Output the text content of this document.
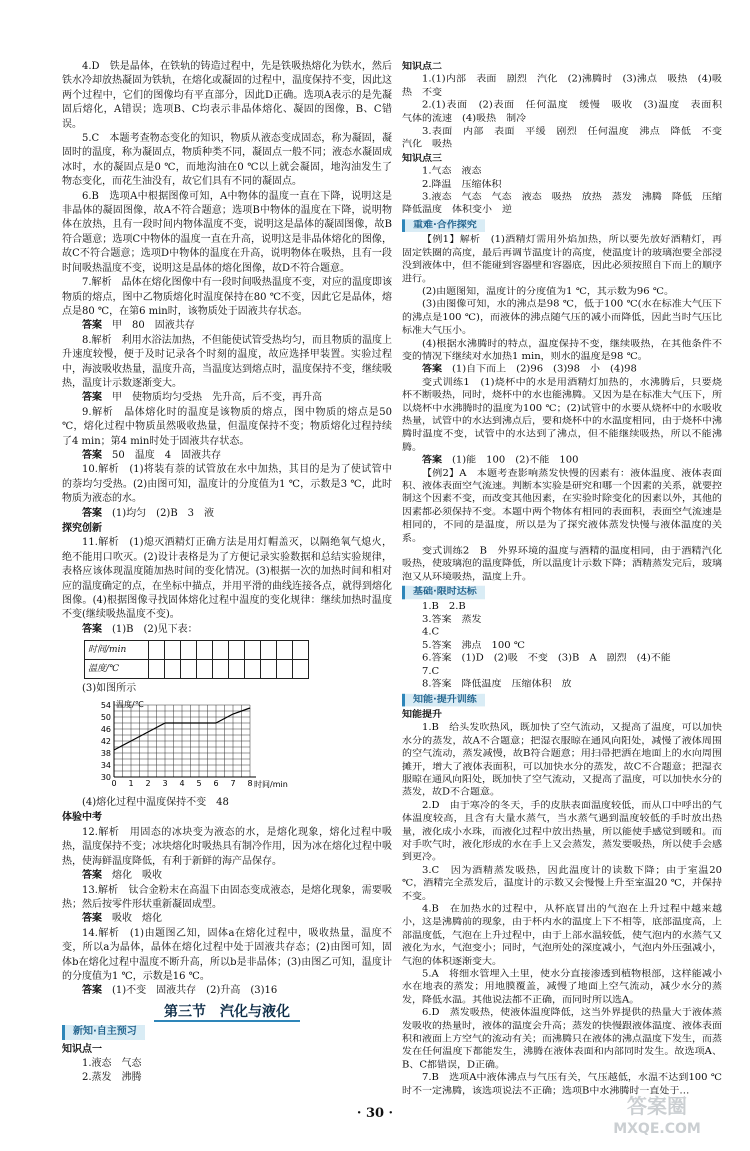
4.D　铁是晶体，在铁轨的铸造过程中，先是铁吸热熔化为铁水，然后铁水冷却放热凝固为铁轨，在熔化或凝固的过程中，温度保持不变，因此这两个过程中，它们的图像均有平直部分，因此D正确。选项A表示的是先凝固后熔化，A错误；选项B、C均表示非晶体熔化、凝固的图像，B、C错误。

5.C　本题考查物态变化的知识，物质从液态变成固态，称为凝固，凝固时的温度，称为凝固点，物质种类不同，凝固点一般不同；液态水凝固成冰时，水的凝固点是0 ℃，而地沟油在0 ℃以上就会凝固，地沟油发生了物态变化，而花生油没有，故它们具有不同的凝固点。

6.B　选项A中根据图像可知，A中物体的温度一直在下降，说明这是非晶体的凝固图像，故A不符合题意；选项B中物体的温度在下降，说明物体在放热，且有一段时间内物体温度不变，说明这是晶体的凝固图像，故B符合题意；选项C中物体的温度一直在升高，说明这是非晶体熔化的图像，故C不符合题意；选项D中物体的温度在升高，说明物体在吸热，且有一段时间吸热温度不变，说明这是晶体的熔化图像，故D不符合题意。

7.解析　晶体在熔化图像中有一段时间吸热温度不变，对应的温度即该物质的熔点，图中乙物质熔化时温度保持在80 ℃不变，因此它是晶体，熔点是80 ℃，在第6 min时，该物质处于固液共存状态。

答案　甲　80　固液共存

8.解析　利用水浴法加热，不但能使试管受热均匀，而且物质的温度上升速度较慢，便于及时记录各个时刻的温度，故应选择甲装置。实验过程中，海波吸收热量，温度升高，当温度达到熔点时，温度保持不变，继续吸热，温度计示数逐渐变大。

答案　甲　使物质均匀受热　先升高，后不变，再升高

9.解析　晶体熔化时的温度是该物质的熔点，图中物质的熔点是50 ℃，熔化过程中物质虽然吸收热量，但温度保持不变；物质熔化过程持续了4 min；第4 min时处于固液共存状态。

答案　50　温度　4　固液共存

10.解析　(1)将装有萘的试管放在水中加热，其目的是为了使试管中的萘均匀受热。(2)由图可知，温度计的分度值为1 ℃，示数是3 ℃，此时物质为液态的水。

答案　(1)均匀　(2)B　3　液

探究创新

11.解析　(1)熄灭酒精灯正确方法是用灯帽盖灭，以隔绝氧气熄火，绝不能用口吹灭。(2)设计表格是为了方便记录实验数据和总结实验规律，表格应该体现温度随加热时间的变化情况。(3)根据一次的加热时间和相对应的温度确定的点，在坐标中描点，并用平滑的曲线连接各点，就得到熔化图像。(4)根据图像寻找固体熔化过程中温度的变化规律：继续加热时温度不变(继续吸热温度不变)。

答案　(1)B　(2)见下表：

时间/min										
温度/℃										

(3)如图所示

30
34
38
42
46
50
54
0 1 2 3 4 5 6 7 8
温度/℃
时间/min

(4)熔化过程中温度保持不变　48

体验中考

12.解析　用固态的冰块变为液态的水，是熔化现象，熔化过程中吸热，温度保持不变；冰块熔化时吸热具有制冷作用，因为冰在熔化过程中吸热，使海鲜温度降低，有利于新鲜的海产品保存。

答案　熔化　吸收

13.解析　钛合金粉末在高温下由固态变成液态，是熔化现象，需要吸热；然后按零件形状重新凝固成型。

答案　吸收　熔化

14.解析　(1)由题图乙知，固体a在熔化过程中，吸收热量，温度不变，所以a为晶体，晶体在熔化过程中处于固液共存态；(2)由图可知，固体b在熔化过程中温度不断升高，所以b是非晶体；(3)由图乙可知，温度计的分度值为1 ℃，示数是16 ℃。

答案　(1)不变　固液共存　(2)升高　(3)16

第三节　汽化与液化
新知·自主预习
知识点一

1.液态　气态

2.蒸发　沸腾

知识点二

1.(1)内部　表面　剧烈　汽化　(2)沸腾时　(3)沸点　吸热　(4)吸热　不变

2.(1)表面　(2)表面　任何温度　缓慢　吸收　(3)温度　表面积　气体的流速　(4)吸热　制冷

3.表面　内部　表面　平缓　剧烈　任何温度　沸点　降低　不变　汽化　吸热

知识点三

1.气态　液态

2.降温　压缩体积

3.液态　气态　气态　液态　吸热　放热　蒸发　沸腾　降低　压缩　降低温度　体积变小　逆

重难·合作探究

【例1】解析　(1)酒精灯需用外焰加热，所以要先放好酒精灯，再固定铁圈的高度，最后再调节温度计的高度，使温度计的玻璃泡要全部浸没到液体中，但不能碰到容器壁和容器底，因此必须按照自下而上的顺序进行。

(2)由题图知，温度计的分度值为1 ℃，其示数为96 ℃。

(3)由图像可知，水的沸点是98 ℃，低于100 ℃(水在标准大气压下的沸点是100 ℃)，而液体的沸点随气压的减小而降低，因此当时气压比标准大气压小。

(4)根据水沸腾时的特点，温度保持不变，继续吸热，在其他条件不变的情况下继续对水加热1 min，则水的温度是98 ℃。

答案　(1)自下而上　(2)96　(3)98　小　(4)98

变式训练1　(1)烧杯中的水是用酒精灯加热的，水沸腾后，只要烧杯不断吸热，同时，烧杯中的水也能沸腾。又因为是在标准大气压下，所以烧杯中水沸腾时的温度为100 ℃；(2)试管中的水要从烧杯中的水吸收热量，试管中的水达到沸点后，要和烧杯中的水温度相同，由于烧杯中沸腾时温度不变，试管中的水达到了沸点，但不能继续吸热，所以不能沸腾。

答案　(1)能　100　(2)不能　100

【例2】A　本题考查影响蒸发快慢的因素有：液体温度、液体表面积、液体表面空气流速。判断本实验是研究和哪一个因素的关系，就要控制这个因素不变，而改变其他因素，在实验时除变化的因素以外，其他的因素都必须保持不变。本题中两个物体有相同的表面积，表面空气流速是相同的，不同的是温度，所以是为了探究液体蒸发快慢与液体温度的关系。

变式训练2　B　外界环境的温度与酒精的温度相同，由于酒精汽化吸热，使玻璃泡的温度降低，所以温度计示数下降；酒精蒸发完后，玻璃泡又从环境吸热，温度上升。

基础·限时达标

1.B　2.B

3.答案　蒸发

4.C

5.答案　沸点　100 ℃

6.答案　(1)D　(2)吸　不变　(3)B　A　剧烈　(4)不能

7.C

8.答案　降低温度　压缩体积　放

知能·提升训练
知能提升

1.B　给头发吹热风，既加快了空气流动，又提高了温度，可以加快水分的蒸发，故A不合题意；把湿衣服晾在通风向阳处，减慢了液体周围的空气流动，蒸发减慢，故B符合题意；用扫帚把洒在地面上的水向周围摊开，增大了液体表面积，可以加快水分的蒸发，故C不合题意；把湿衣服晾在通风向阳处，既加快了空气流动，又提高了温度，可以加快水分的蒸发，故D不合题意。

2.D　由于寒冷的冬天，手的皮肤表面温度较低，而从口中呼出的气体温度较高，且含有大量水蒸气，当水蒸气遇到温度较低的手时放出热量，液化成小水珠，而液化过程中放出热量，所以能使手感觉到暖和。而对手吹气时，液化形成的水在手上又会蒸发，蒸发要吸热，所以使手会感到更冷。

3.C　因为酒精蒸发吸热，因此温度计的读数下降；由于室温20 ℃，酒精完全蒸发后，温度计的示数又会慢慢上升至室温20 ℃，并保持不变。

4.B　在加热水的过程中，从杯底冒出的气泡在上升过程中越来越小，这是沸腾前的现象，由于杯内水的温度上下不相等，底部温度高，上部温度低，气泡在上升过程中，由于上部水温较低，使气泡内的水蒸气又液化为水，气泡变小；同时，气泡所处的深度减小，气泡内外压强减小，气泡的体积逐渐变大。

5.A　将细水管埋入土里，使水分直接渗透到植物根部，这样能减小水在地表的蒸发；用地膜覆盖，减慢了地面上空气流动，减少水分的蒸发，降低水温。其他说法都不正确，而同时所以选A。

6.D　蒸发吸热，使液体温度降低，这当外界提供的热量大于液体蒸发吸收的热量时，液体的温度会升高；蒸发的快慢跟液体温度、液体表面积和液面上方空气的流动有关；而沸腾只在液体的沸点温度下发生，而蒸发在任何温度下都能发生，沸腾在液体表面和内部同时发生。故选项A、B、C都错误，D正确。

7.B　选项A中液体沸点与气压有关，气压越低，水温不达到100 ℃时不一定沸腾，该选项说法不正确；选项B中水沸腾时一直处于…

· 30 ·	答案圈
MXQE.COM
